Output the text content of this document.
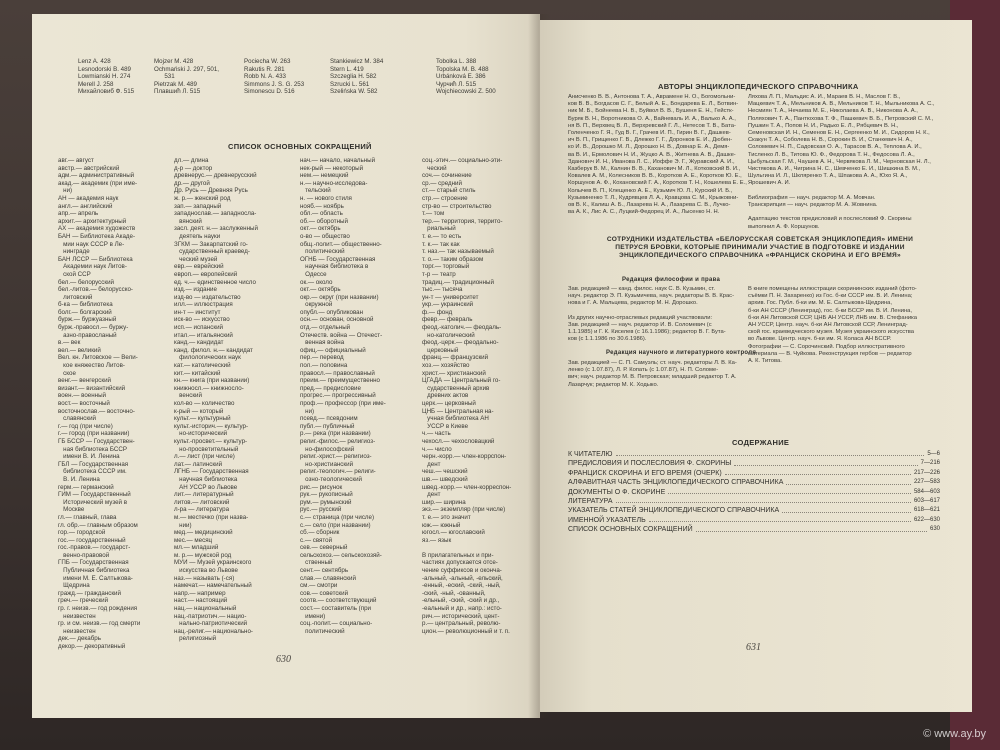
Lenz A. 428
Lesnodorski B. 489
Lowmianski H. 274
Merell J. 258
Михайловиб Ф. 515
Mojzer M. 428
Ochmański J. 297, 501,
531
Pietrzak M. 489
Плавшић Л. 515
Pociecha W. 263
Rakutis R. 281
Robb N. A. 433
Simmons J. S. G. 253
Simonescu D. 516
Stankiewicz M. 384
Stern L. 419
Szczeglia H. 582
Szrucki L. 561
Szelińska W. 582
Tobolka L. 388
Topolska M. B. 488
Urbánková E. 386
Чурчић Л. 515
Wojchiecowski Z. 500
СПИСОК ОСНОВНЫХ СОКРАЩЕНИЙ
авг.— август
австр.— австрийский
адм.— административный
акад.— академик (при име-
ни)
АН — академия наук
англ.— английский
апр.— апрель
архит.— архитектурный
АХ — академия художеств
БАН — Библиотека Акаде-
мии наук СССР в Ле-
нинграде
БАН ЛССР — Библиотека
Академии наук Литов-
ской ССР
бел.— белорусский
бел.-литов.— белорусско-
литовский
б-ка — библиотека
болг.— болгарский
бурж.— буржуазный
бурж.-правосл.— буржу-
азно-правосланый
в.— век
вел.— великий
Вел. кн. Литовское — Вели-
кое княжество Литов-
ское
венг.— венгерский
визант.— византийский
воен.— военный
вост.— восточный
восточнослав.— восточно-
славянский
г.— год (при числе)
г.— город (при названии)
ГБ БССР — Государствен-
ная библиотека БССР
имени В. И. Ленина
ГБЛ — Государственная
библиотека СССР им.
В. И. Ленина
герм.— германский
ГИМ — Государственный
Исторический музей в
Москве
гл.— главный, глава
гл. обр.— главным образом
гор.— городской
гос.— государственный
гос.-правов.— государст-
венно-правовой
ГПБ — Государственная
Публичная библиотека
имени М. Е. Салтыкова-
Щедрина
гражд.— гражданский
греч.— греческий
гр. г. неизв.— год рождения
неизвестен
гр. и см. неизв.— год смерти
неизвестен
дек.— декабрь
декор.— декоративный
дл.— длина
д-р — доктор
древнерус.— древнерусский
др.— другой
Др. Русь — Древняя Русь
ж. р.— женский род
зап.— западный
западнослав.— западносла-
вянский
засл. деят. н.— заслуженный
деятель науки
ЗГКМ — Закарпатский го-
сударственный краевед-
ческий музей
евр.— еврейский
европ.— европейский
ед. ч.— единственное число
изд.— издание
изд-во — издательство
илл.— иллюстрация
ин-т — институт
иск-во — искусство
исп.— испанский
итал.— итальянский
канд.— кандидат
канд. филол. н.— кандидат
филологических наук
кат.— католический
кит.— китайский
кн.— книга (при названии)
книжносл.— книжносло-
венский
кол-во — количество
к-рый — который
культ.— культурный
культ.-историч.— культур-
но-исторический
культ.-просвет.— культур-
но-просветительный
л.— лист (при числе)
лат.— латинский
ЛГНБ — Государственная
научная библиотека
АН УССР во Львове
лит.— литературный
литов.— литовский
л-ра — литература
м.— местечко (при назва-
нии)
мед.— медицинский
мес.— месяц
мл.— младший
м. р.— мужской род
МУИ — Музей украинского
искусства во Львове
наз.— называть (-ся)
намечат.— намечательный
напр.— например
наст.— настоящий
нац.— национальный
нац.-патриотич.— нацио-
нально-патриотический
нац.-религ.— национально-
религиозный
нач.— начало, начальный
нек-рый — некоторый
нем.— немецкий
н.— научно-исследова-
тельский
н. — нового стиля
нояб.— ноябрь
обл.— область
об.— оборотный
окт.— октябрь
о-во — общество
общ.-полит.— общественно-
политический
ОГНБ — Государственная
научная библиотека в
Одессе
ок.— около
окт.— октябрь
окр.— округ (при названии)
окружной
опубл.— опубликован
осн.— основан, основной
отд.— отдельный
Отечеств. война — Отечест-
венная война
офиц.— официальный
пер.— перевод
пол.— половина
правосл.— православный
преим.— преимущественно
пред.— предисловие
прогрес.— прогрессивный
проф.— профессор (при име-
ни)
псевд.— псевдоним
публ.— публичный
р.— река (при названии)
религ.-филос.— религиоз-
но-философский
религ.-христ.— религиоз-
но-христианский
религ.-теологич.— религи-
озно-теологический
рис.— рисунок
рук.— рукописный
рум.— румынский
рус.— русский
с.— страница (при числе)
с.— село (при названии)
сб.— сборник
с.— святой
сев.— северный
сельскохоз.— сельскохозяй-
ственный
сент.— сентябрь
слав.— славянский
см.— смотри
сов.— советский
соотв.— соответствующий
сост.— составитель (при
имени)
соц.-полит.— социально-
политический
соц.-этич.— социально-эти-
ческий
соч.— сочинение
ср.— средний
ст.— старый стиль
стр.— строение
стр-во — строительство
т.— том
тер.— территория, террито-
риальный
т. е.— то есть
т. к.— так как
т. наз.— так называемый
т. о.— таким образом
торг.— торговый
т-р — театр
традиц.— традиционный
тыс.— тысяча
ун-т — университет
укр.— украинский
ф.— фонд
февр.— февраль
феод.-католич.— феодаль-
но-католический
феод.-церк.— феодально-
церковный
франц.— французский
хоз.— хозяйство
христ.— христианский
ЦГАДА — Центральный го-
сударственный архив
древних актов
церк.— церковный
ЦНБ — Центральная на-
учная библиотека АН
УССР в Киеве
ч.— часть
чехосл.— чехословацкий
ч.— число
черн.-корр.— член-коррспон-
дент
чеш.— чешский
шв.— шведский
швед.-корр.— член-корреспон-
дент
шир.— ширина
экз.— экземпляр (при числе)
т. е.— это значит
юж.— южный
югосл.— югославский
яз.— язык

В прилагательных и при-
частиях допускается отсе-
чение суффиксов и оконча-
-альный, -альный, -ельский,
-енный, -еский, -ский, -ный,
-ский, -ный, -ованный,
-ельный, -ский, -ский и др.,
-еальный и др., напр.: исто-
рич.— исторический, цент-
р.— центральный, револю-
цион.— революционный и т. п.
630
АВТОРЫ ЭНЦИКЛОПЕДИЧЕСКОГО СПРАВОЧНИКА
Анисченко В. В., Антонова Т. А., Аврамене Н. О., Богомольни-
ков В. В., Богдасов С. Г., Белый А. Е., Бондарева Е. Л., Ботвин-
ник М. Б., Бойнеева Н. В., Буйвол В. В., Бушеня Е. Н., Гейстк-
Буряк В. Н., Воротникова О. А., Вайневаль И. А., Валько А. А.,
ня В. П., Верхвец В. Л., Верхревский Г. Л., Нетесов Т. В., Бата-
Голенченко Г. Я., Гуд В. Г., Грачев И. П., Гирин В. Г., Дашкев-
ич В. П., Грищенко Г. В., Длежко Г. Г., Доронков Е. И., Дюбен-
ко И. В., Дорошко М. Л., Дорошко Н. В., Довнар Е. А., Демя-
ва В. И., Ермолович Н. И., Жуцко А. В., Житнева А. В., Дашке-
Здановнч И. Н., Иванова Л. С., Иоффе Э. Г., Журавский А. И.,
Казберук В. М., Калнин В. В., Каханович М. Л., Котковский В. И.,
Ковалев А. М., Колесников В. В., Коротков А. Е., Коротков Ю. Е.,
Коршунов А. Ф., Кохановский Г. А., Коротков Т. Н., Кошелева Е. Е.,
Колычев В. П., Клещенко А. Е., Кузьмич Ю. Л., Курский И. Б.,
Кузьминенко Т. Л., Кудрявцев Л. А., Кравцова С. М., Крыжовни-
ов В. К., Калиш А. Б., Лазарева Н. А., Лазарева С. В., Лучко-
ва А. К., Лис А. С., Луцкий-Федорец И. А., Лысенко Н. Н.
Ляхова Л. П., Мальдис А. И., Мараев В. Н., Маслов Г. В.,
Мацкевич Т. А., Мельников А. В., Мельников Т. Н., Мыльникова А. С.,
Несмиян Т. А., Нечаева М. Е., Николаева А. В., Никонова А. А.,
Поляхович Т. А., Пантюхова Т. Ф., Пашкевич В. Б., Петровский С. М.,
Пушкин Т. А., Попов Н. И., Радько Е. Л., Рябцевич В. Н.,
Семеновская И. Н., Семенов Е. Н., Сергеенко М. И., Сидоров Н. К.,
Скакун Т. А., Соболева Н. В., Сорокин В. И., Станкевич Н. А.,
Соломевич Н. П., Садовская О. А., Тарасов В. А., Теплова А. И.,
Тисленко Л. В., Титова Ю. Ф., Федорова Т. Н., Федосова Л. А.,
Цыбульская Г. М., Чаушев А. Н., Червякова Л. М., Черновская Н. Л.,
Чистякова А. И., Чигрина Н. С., Шевченко Е. И., Шишкина В. М.,
Шульгина И. Л., Шкляренко Т. А., Шпакова А. А., Юхо Я. А.,
Ярошевич А. И.

Библиография — науч. редактор М. А. Мовчан.
Транскрипция — науч. редактор М. А. Жовнина.

Адаптацию текстов предисловий и послесловий Ф. Скорины
выполнил А. Ф. Коршунов.
СОТРУДНИКИ ИЗДАТЕЛЬСТВА «БЕЛОРУССКАЯ СОВЕТСКАЯ ЭНЦИКЛОПЕДИЯ» ИМЕНИ ПЕТРУСЯ БРОВКИ, КОТОРЫЕ ПРИНИМАЛИ УЧАСТИЕ В ПОДГОТОВКЕ И ИЗДАНИИ ЭНЦИКЛОПЕДИЧЕСКОГО СПРАВОЧНИКА «ФРАНЦИСК СКОРИНА И ЕГО ВРЕМЯ»
Редакция философии и права
Зав. редакцией — канд. филос. наук С. В. Кузьмин, ст.
науч. редактор Э. П. Кузьмичева, науч. редакторы В. В. Крас-
нова и Г. А. Мальцева, редактор М. Н. Дорошко.

Из других научно-отраслевых редакций участвовали:
Зав. редакцией — науч. редактор И. В. Соломевич (с
1.1.1985) и Г. К. Киселев (с 16.1.1986); редактор В. Г. Бута-
ков (с 1.1.1986 по 30.6.1986).
Редакция научного и литературного контроля
Зав. редакцией — С. П. Самуэль; ст. науч. редакторы Л. В. Ка-
ленко (с 1.07.87), Л. Р. Копать (с 1.07.87), Н. П. Соломе-
вич; науч. редактор М. В. Петровская; младший редактор Т. А.
Лазарчук; редактор М. К. Ходыко.
В книге помещены иллюстрации скорининских изданий (фото-
съёмки П. Н. Захаренко) из Гос. б-ки СССР им. В. И. Ленина;
архив. Гос. Публ. б-ки им. М. Е. Салтыкова-Щедрина,
б-ки АН СССР (Ленинград), гос. б-ки БССР им. В. И. Ленина,
б-ки АН Литовской ССР, ЦНБ АН УССР, ЛНБ им. В. Стефаника
АН УССР, Центр. науч. б-ки АН Литовской ССР, Ленинград-
ской гос. краеведческого музея. Музея украинского искусства
во Львове. Центр. науч. б-ки им. Я. Коласа АН БССР.
Фотографии — С. Сорочинский. Подбор иллюстративного
материала — В. Чуйкова. Реконструкция гербов — редактор
А. К. Титова.
СОДЕРЖАНИЕ
К ЧИТАТЕЛЮ	5—6
ПРЕДИСЛОВИЯ И ПОСЛЕСЛОВИЯ Ф. СКОРИНЫ	7—216
ФРАНЦИСК СКОРИНА И ЕГО ВРЕМЯ (ОЧЕРК)	217—226
АЛФАВИТНАЯ ЧАСТЬ ЭНЦИКЛОПЕДИЧЕСКОГО СПРАВОЧНИКА	227—583
ДОКУМЕНТЫ О Ф. СКОРИНЕ	584—603
ЛИТЕРАТУРА	603—617
УКАЗАТЕЛЬ СТАТЕЙ ЭНЦИКЛОПЕДИЧЕСКОГО СПРАВОЧНИКА	618—621
ИМЕННОЙ УКАЗАТЕЛЬ	622—630
СПИСОК ОСНОВНЫХ СОКРАЩЕНИЙ	630
631
© www.ay.by
